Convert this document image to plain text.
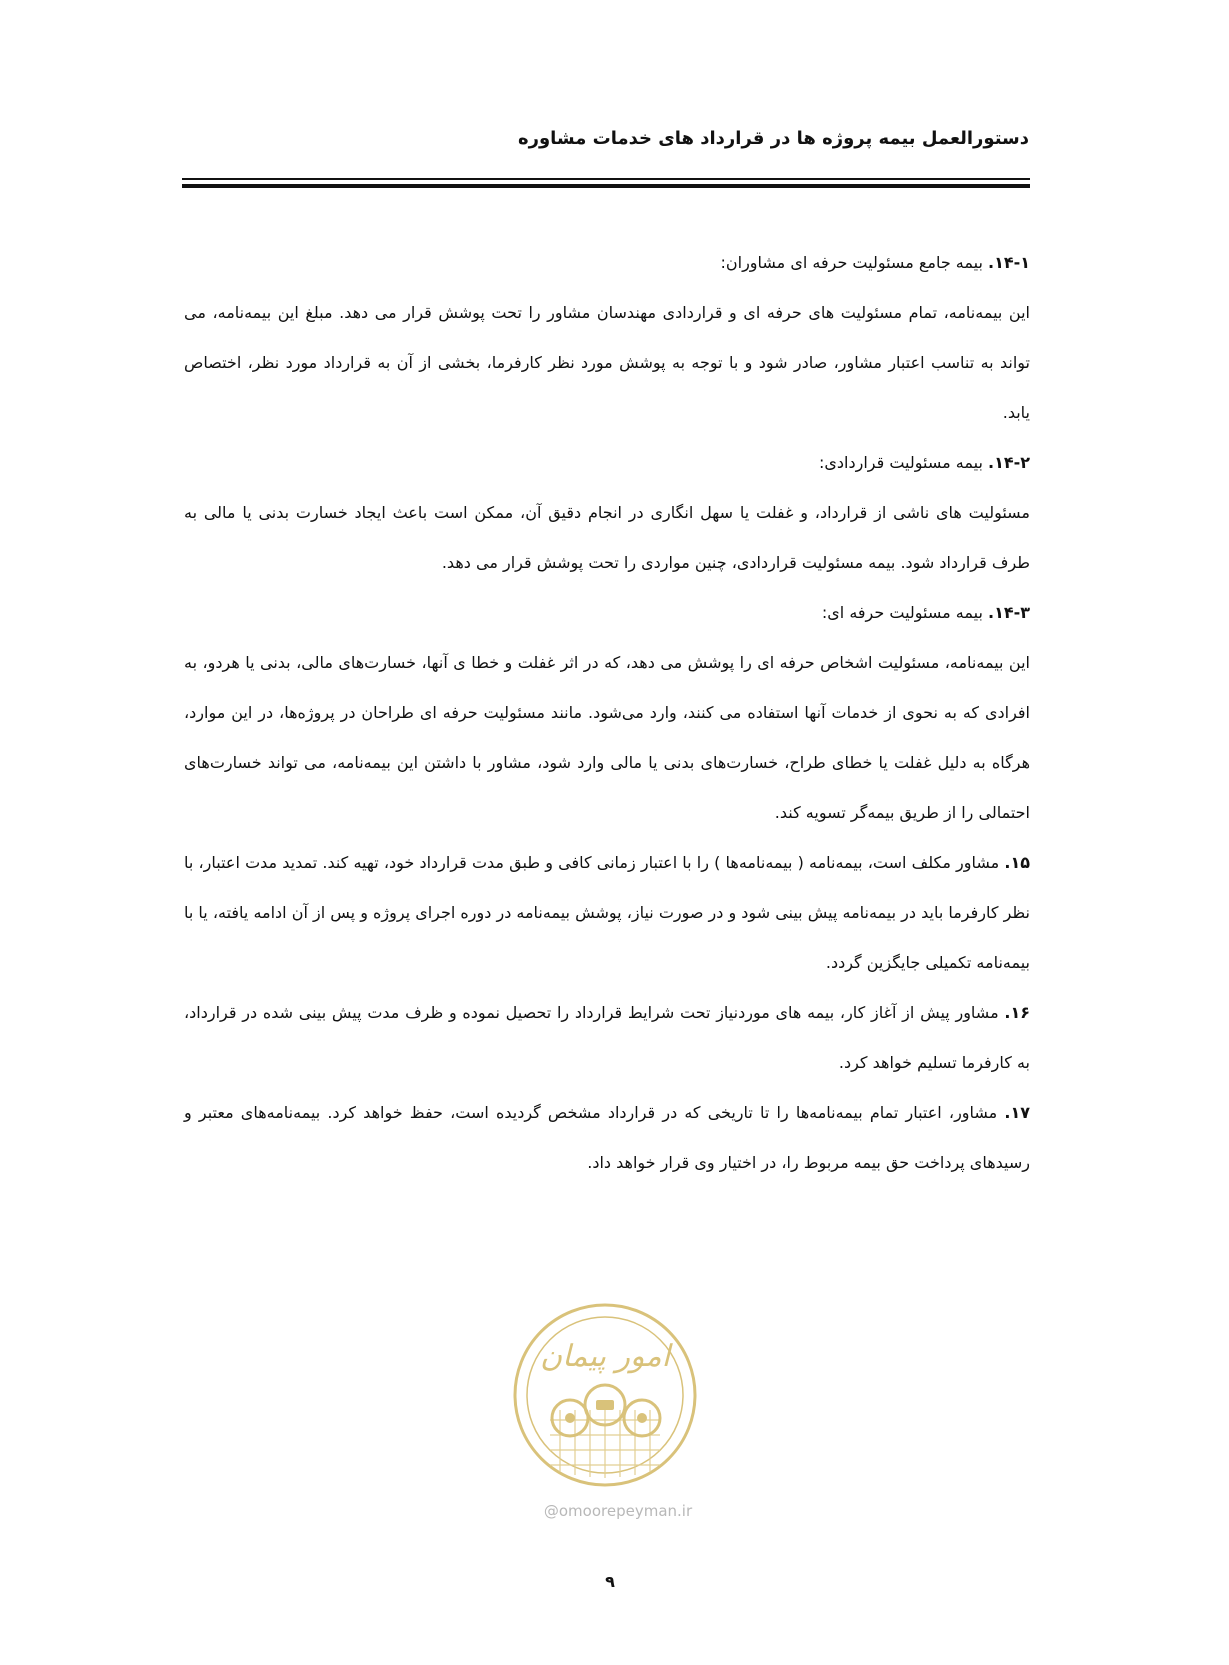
دستورالعمل بیمه پروژه ها در قرارداد های خدمات مشاوره

۱۴-۱. بیمه جامع مسئولیت حرفه ای مشاوران:

این بیمه‌نامه، تمام مسئولیت های حرفه ای و قراردادی مهندسان مشاور را تحت پوشش قرار می دهد. مبلغ این بیمه‌نامه، می تواند به تناسب اعتبار مشاور، صادر شود و با توجه به پوشش مورد نظر کارفرما، بخشی از آن به قرارداد مورد نظر، اختصاص یابد.

۱۴-۲. بیمه مسئولیت قراردادی:

مسئولیت های ناشی از قرارداد، و غفلت یا سهل انگاری در انجام دقیق آن، ممکن است باعث ایجاد خسارت بدنی یا مالی به طرف قرارداد شود. بیمه مسئولیت قراردادی، چنین مواردی را تحت پوشش قرار می دهد.

۱۴-۳. بیمه مسئولیت حرفه ای:

این بیمه‌نامه، مسئولیت اشخاص حرفه ای را پوشش می دهد، که در اثر غفلت و خطا ی آنها، خسارت‌های مالی، بدنی یا هردو، به افرادی که به نحوی از خدمات آنها استفاده می کنند، وارد می‌شود. مانند مسئولیت حرفه ای طراحان در پروژه‌ها، در این موارد، هرگاه به دلیل غفلت یا خطای طراح، خسارت‌های بدنی یا مالی وارد شود، مشاور با داشتن این بیمه‌نامه، می تواند خسارت‌های احتمالی را از طریق بیمه‌گر تسویه کند.

۱۵. مشاور مکلف است، بیمه‌نامه ( بیمه‌نامه‌ها ) را با اعتبار زمانی کافی و طبق مدت قرارداد خود، تهیه کند. تمدید مدت اعتبار، با نظر کارفرما باید در بیمه‌نامه پیش بینی شود و در صورت نیاز، پوشش بیمه‌نامه در دوره اجرای پروژه و پس از آن ادامه یافته، یا با بیمه‌نامه تکمیلی جایگزین گردد.

۱۶. مشاور پیش از آغاز کار، بیمه های موردنیاز تحت شرایط قرارداد را تحصیل نموده و ظرف مدت پیش بینی شده در قرارداد، به کارفرما تسلیم خواهد کرد.

۱۷. مشاور، اعتبار تمام بیمه‌نامه‌ها را تا تاریخی که در قرارداد مشخص گردیده است، حفظ خواهد کرد. بیمه‌نامه‌های معتبر و رسیدهای پرداخت حق بیمه مربوط را، در اختیار وی قرار خواهد داد.

امور پیمان
@omoorepeyman.ir
۹
